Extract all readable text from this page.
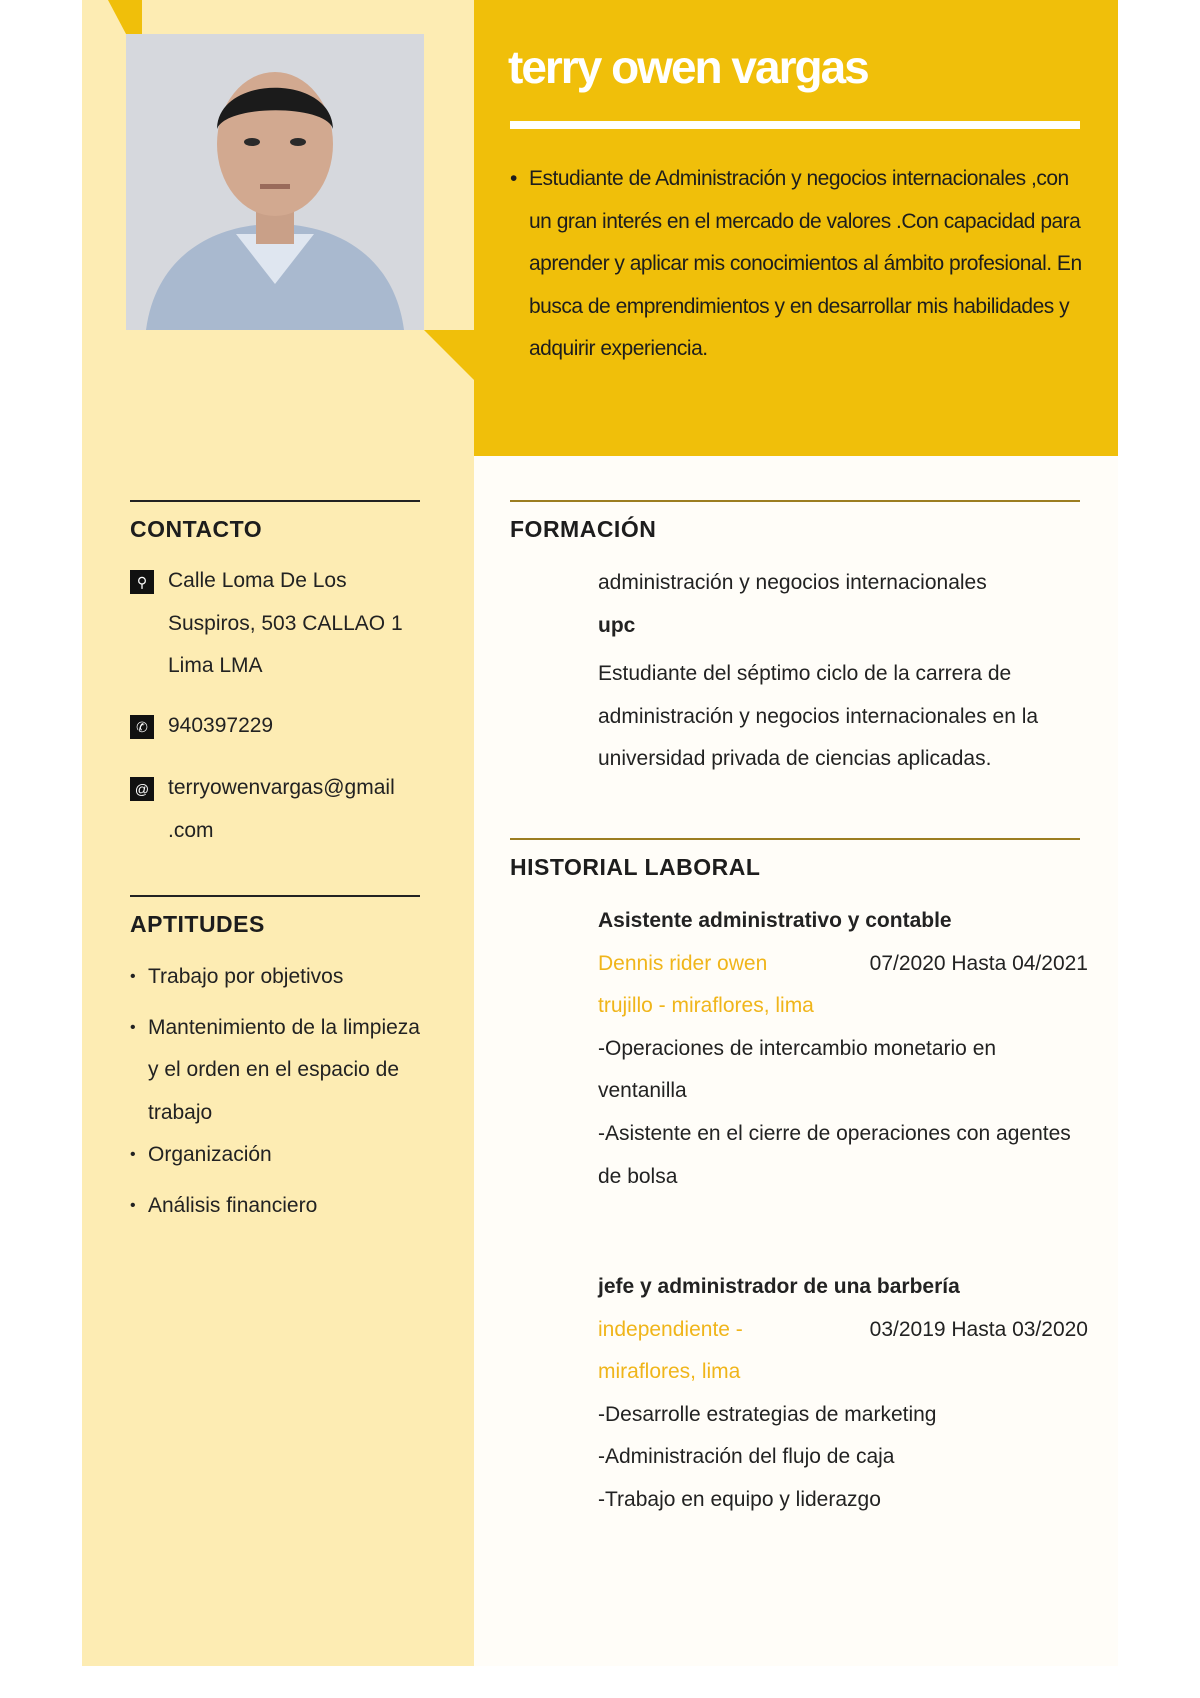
terry owen vargas
• Estudiante de Administración y negocios internacionales ,con un gran interés en el mercado de valores .Con capacidad para aprender y aplicar mis conocimientos al ámbito profesional. En busca de emprendimientos y en desarrollar mis habilidades y adquirir experiencia.
CONTACTO
⚲ Calle Loma De Los
Suspiros, 503 CALLAO 1
Lima LMA
✆ 940397229
@ terryowenvargas@gmail
.com
APTITUDES
• Trabajo por objetivos
• Mantenimiento de la limpieza y el orden en el espacio de trabajo
• Organización
• Análisis financiero
FORMACIÓN
administración y negocios internacionales
upc
Estudiante del séptimo ciclo de la carrera de administración y negocios internacionales en la universidad privada de ciencias aplicadas.
HISTORIAL LABORAL
Asistente administrativo y contable
Dennis rider owen	07/2020 Hasta 04/2021
trujillo - miraflores, lima
-Operaciones de intercambio monetario en ventanilla
-Asistente en el cierre de operaciones con agentes de bolsa
jefe y administrador de una barbería
independiente -	03/2019 Hasta 03/2020
miraflores, lima
-Desarrolle estrategias de marketing
-Administración del flujo de caja
-Trabajo en equipo y liderazgo
